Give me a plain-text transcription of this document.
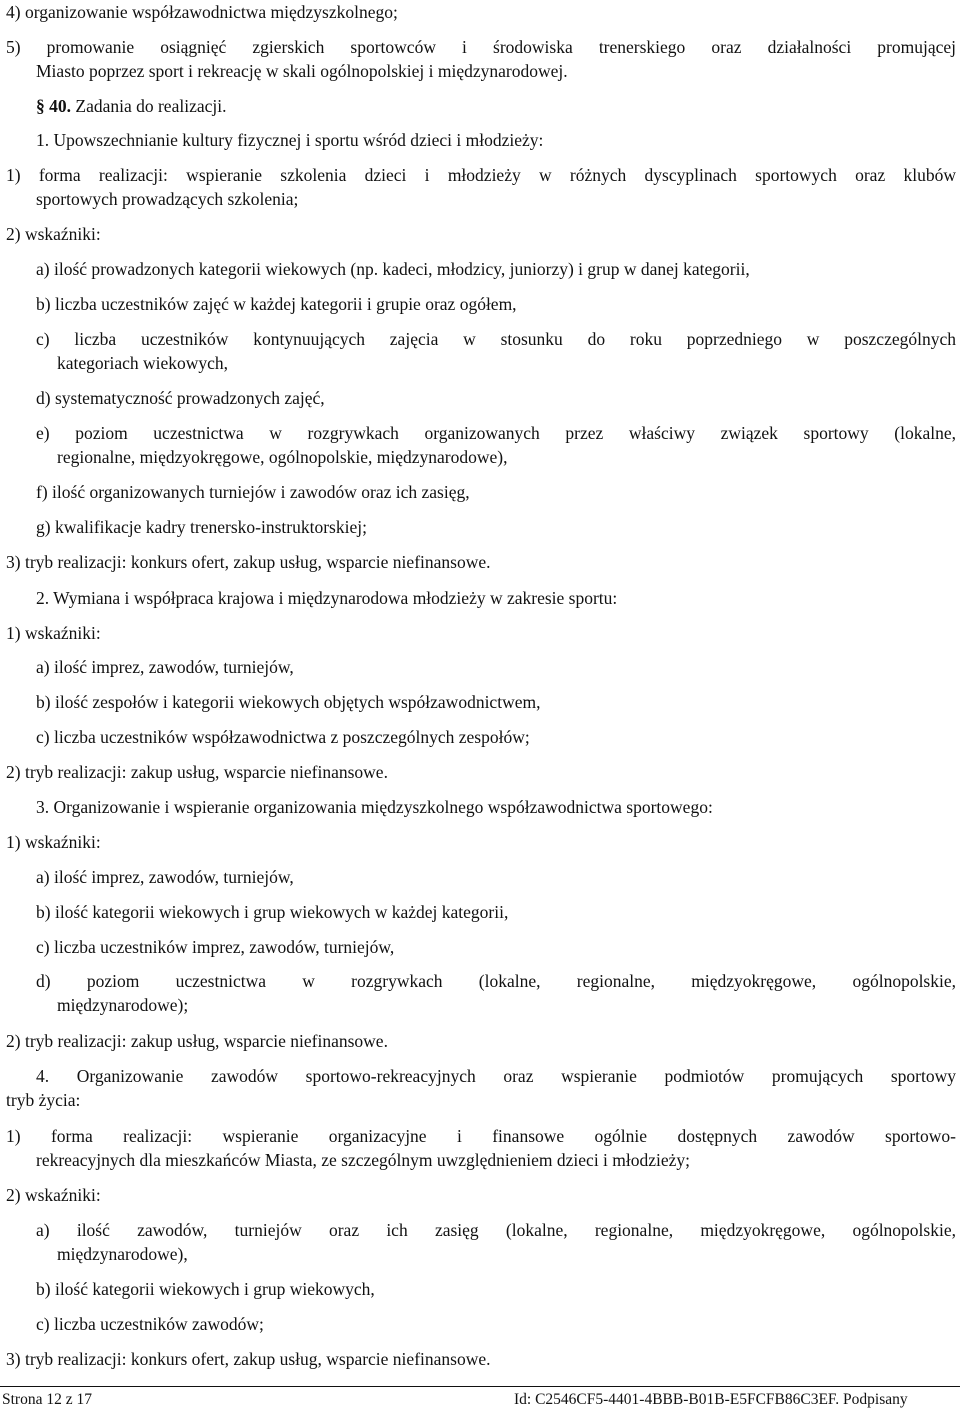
4) organizowanie współzawodnictwa międzyszkolnego;
5) promowanie osiągnięć zgierskich sportowców i środowiska trenerskiego oraz działalności promującej
Miasto poprzez sport i rekreację w skali ogólnopolskiej i międzynarodowej.
§ 40. Zadania do realizacji.
1. Upowszechnianie kultury fizycznej i sportu wśród dzieci i młodzieży:
1) forma realizacji: wspieranie szkolenia dzieci i młodzieży w różnych dyscyplinach sportowych oraz klubów
sportowych prowadzących szkolenia;
2) wskaźniki:
a) ilość prowadzonych kategorii wiekowych (np. kadeci, młodzicy, juniorzy) i grup w danej kategorii,
b) liczba uczestników zajęć w każdej kategorii i grupie oraz ogółem,
c) liczba uczestników kontynuujących zajęcia w stosunku do roku poprzedniego w poszczególnych
kategoriach wiekowych,
d) systematyczność prowadzonych zajęć,
e) poziom uczestnictwa w rozgrywkach organizowanych przez właściwy związek sportowy (lokalne,
regionalne, międzyokręgowe, ogólnopolskie, międzynarodowe),
f) ilość organizowanych turniejów i zawodów oraz ich zasięg,
g) kwalifikacje kadry trenersko-instruktorskiej;
3) tryb realizacji: konkurs ofert, zakup usług, wsparcie niefinansowe.
2. Wymiana i współpraca krajowa i międzynarodowa młodzieży w zakresie sportu:
1) wskaźniki:
a) ilość imprez, zawodów, turniejów,
b) ilość zespołów i kategorii wiekowych objętych współzawodnictwem,
c) liczba uczestników współzawodnictwa z poszczególnych zespołów;
2) tryb realizacji: zakup usług, wsparcie niefinansowe.
3. Organizowanie i wspieranie organizowania międzyszkolnego współzawodnictwa sportowego:
1) wskaźniki:
a) ilość imprez, zawodów, turniejów,
b) ilość kategorii wiekowych i grup wiekowych w każdej kategorii,
c) liczba uczestników imprez, zawodów, turniejów,
d) poziom uczestnictwa w rozgrywkach (lokalne, regionalne, międzyokręgowe, ogólnopolskie,
międzynarodowe);
2) tryb realizacji: zakup usług, wsparcie niefinansowe.
4. Organizowanie zawodów sportowo-rekreacyjnych oraz wspieranie podmiotów promujących sportowy
tryb życia:
1) forma realizacji: wspieranie organizacyjne i finansowe ogólnie dostępnych zawodów sportowo-
rekreacyjnych dla mieszkańców Miasta, ze szczególnym uwzględnieniem dzieci i młodzieży;
2) wskaźniki:
a) ilość zawodów, turniejów oraz ich zasięg (lokalne, regionalne, międzyokręgowe, ogólnopolskie,
międzynarodowe),
b) ilość kategorii wiekowych i grup wiekowych,
c) liczba uczestników zawodów;
3) tryb realizacji: konkurs ofert, zakup usług, wsparcie niefinansowe.
Strona 12 z 17	Id: C2546CF5-4401-4BBB-B01B-E5FCFB86C3EF. Podpisany
